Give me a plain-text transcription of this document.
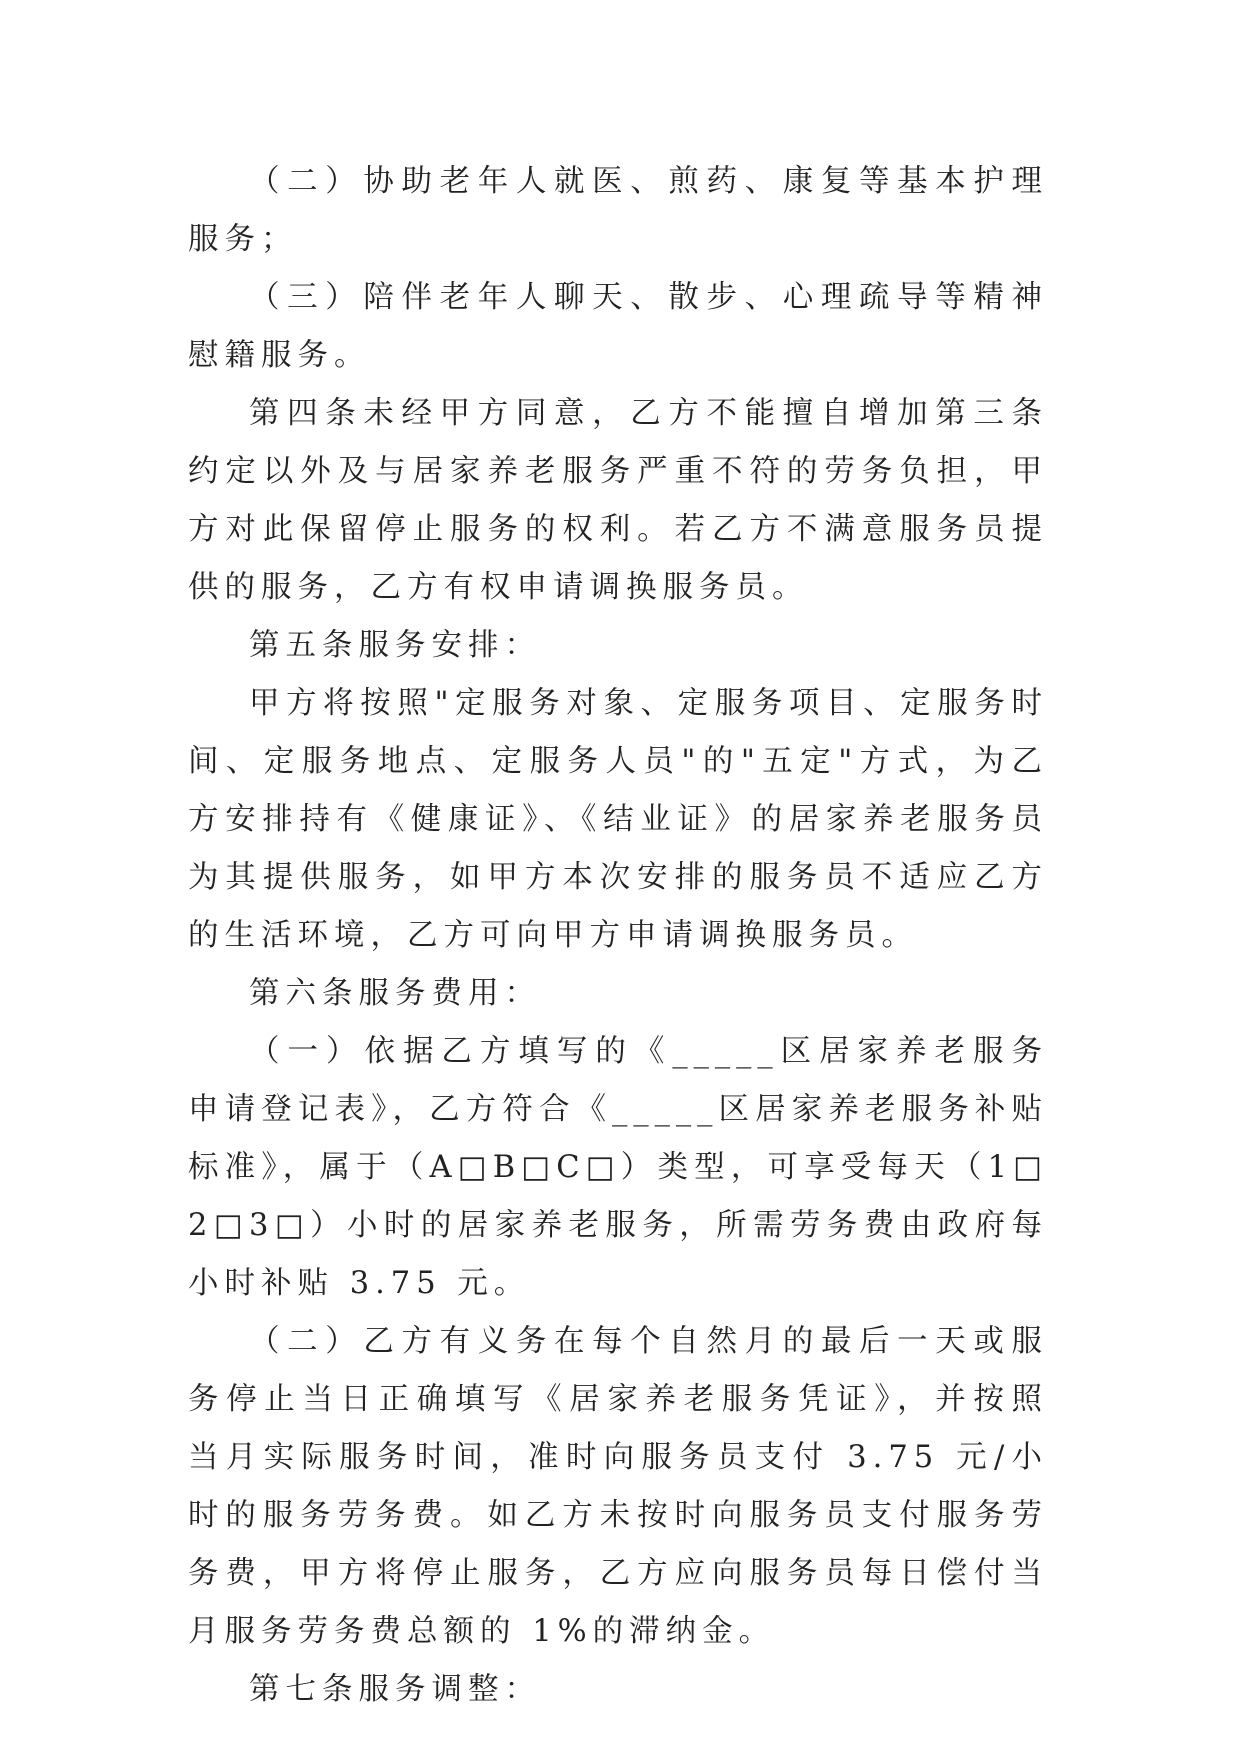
（二）协助老年人就医、煎药、康复等基本护理服务；

（三）陪伴老年人聊天、散步、心理疏导等精神慰籍服务。

第四条未经甲方同意，乙方不能擅自增加第三条约定以外及与居家养老服务严重不符的劳务负担，甲方对此保留停止服务的权利。若乙方不满意服务员提供的服务，乙方有权申请调换服务员。

第五条服务安排：

甲方将按照"定服务对象、定服务项目、定服务时间、定服务地点、定服务人员"的"五定"方式，为乙方安排持有《健康证》、《结业证》的居家养老服务员为其提供服务，如甲方本次安排的服务员不适应乙方的生活环境，乙方可向甲方申请调换服务员。

第六条服务费用：

（一）依据乙方填写的《_____区居家养老服务申请登记表》，乙方符合《_____区居家养老服务补贴标准》，属于（A□B□C□）类型，可享受每天（1□2□3□）小时的居家养老服务，所需劳务费由政府每小时补贴 3.75 元。

（二）乙方有义务在每个自然月的最后一天或服务停止当日正确填写《居家养老服务凭证》，并按照当月实际服务时间，准时向服务员支付 3.75 元/小时的服务劳务费。如乙方未按时向服务员支付服务劳务费，甲方将停止服务，乙方应向服务员每日偿付当月服务劳务费总额的 1%的滞纳金。

第七条服务调整：
